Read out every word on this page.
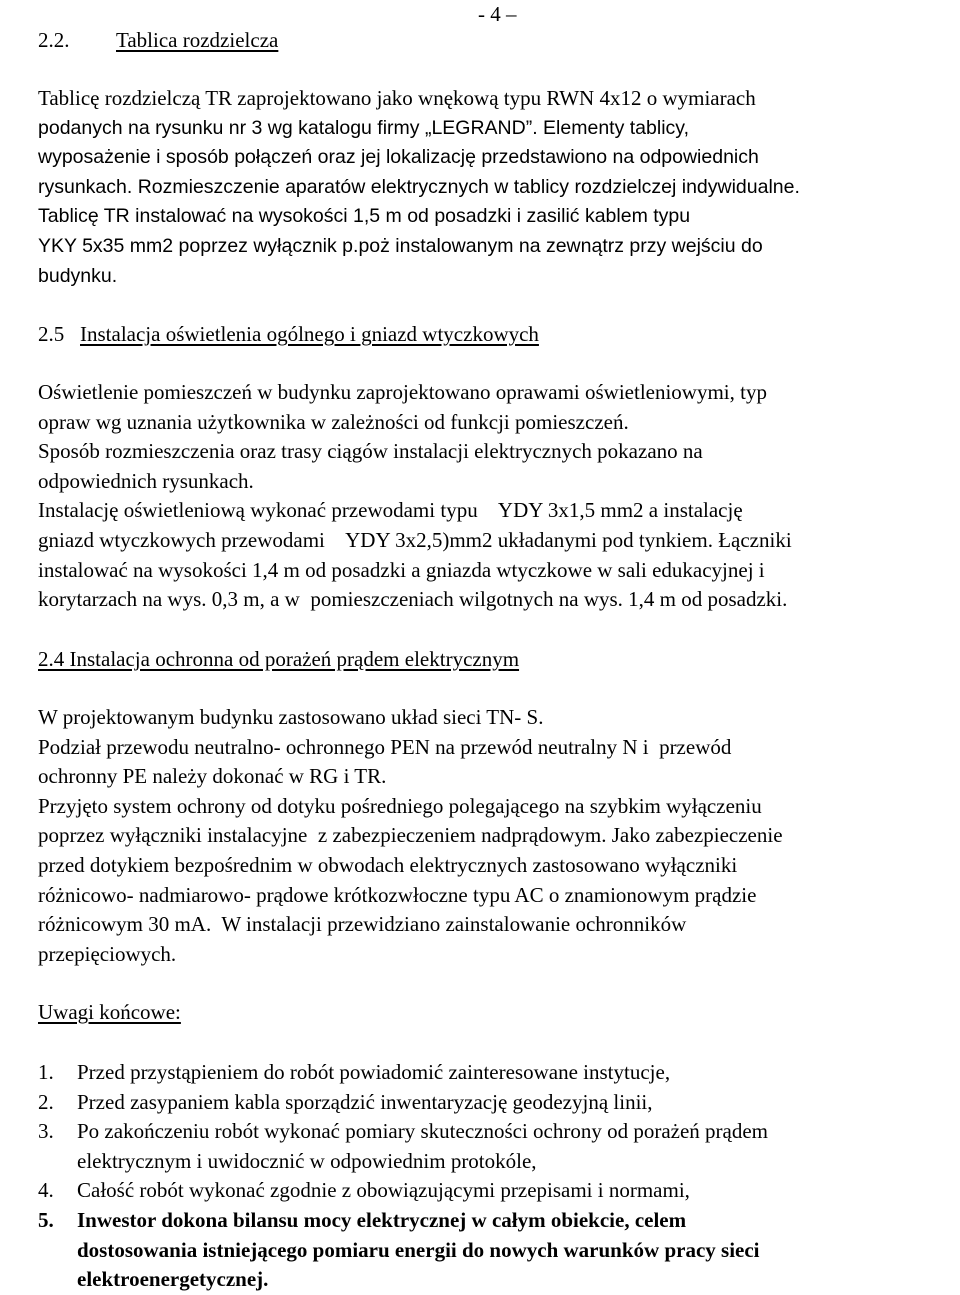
- 4 –
2.2. Tablica rozdzielcza
Tablicę rozdzielczą TR zaprojektowano jako wnękową typu RWN 4x12 o wymiarach
podanych na rysunku nr 3 wg katalogu firmy „LEGRAND”. Elementy tablicy,
wyposażenie i sposób połączeń oraz jej lokalizację przedstawiono na odpowiednich
rysunkach. Rozmieszczenie aparatów elektrycznych w tablicy rozdzielczej indywidualne.
Tablicę TR instalować na wysokości 1,5 m od posadzki i zasilić kablem typu
YKY 5x35 mm2 poprzez wyłącznik p.poż instalowanym na zewnątrz przy wejściu do
budynku.
2.5 Instalacja oświetlenia ogólnego i gniazd wtyczkowych
Oświetlenie pomieszczeń w budynku zaprojektowano oprawami oświetleniowymi, typ
opraw wg uznania użytkownika w zależności od funkcji pomieszczeń.
Sposób rozmieszczenia oraz trasy ciągów instalacji elektrycznych pokazano na
odpowiednich rysunkach.
Instalację oświetleniową wykonać przewodami typu    YDY 3x1,5 mm2 a instalację
gniazd wtyczkowych przewodami    YDY 3x2,5)mm2 układanymi pod tynkiem. Łączniki
instalować na wysokości 1,4 m od posadzki a gniazda wtyczkowe w sali edukacyjnej i
korytarzach na wys. 0,3 m, a w  pomieszczeniach wilgotnych na wys. 1,4 m od posadzki.
2.4 Instalacja ochronna od porażeń prądem elektrycznym
W projektowanym budynku zastosowano układ sieci TN- S.
Podział przewodu neutralno- ochronnego PEN na przewód neutralny N i  przewód
ochronny PE należy dokonać w RG i TR.
Przyjęto system ochrony od dotyku pośredniego polegającego na szybkim wyłączeniu
poprzez wyłączniki instalacyjne  z zabezpieczeniem nadprądowym. Jako zabezpieczenie
przed dotykiem bezpośrednim w obwodach elektrycznych zastosowano wyłączniki
różnicowo- nadmiarowo- prądowe krótkozwłoczne typu AC o znamionowym prądzie
różnicowym 30 mA.  W instalacji przewidziano zainstalowanie ochronników
przepięciowych.
Uwagi końcowe:
1.	Przed przystąpieniem do robót powiadomić zainteresowane instytucje,
2.	Przed zasypaniem kabla sporządzić inwentaryzację geodezyjną linii,
3.	Po zakończeniu robót wykonać pomiary skuteczności ochrony od porażeń prądem
elektrycznym i uwidocznić w odpowiednim protokóle,
4.	Całość robót wykonać zgodnie z obowiązującymi przepisami i normami,
5.	Inwestor dokona bilansu mocy elektrycznej w całym obiekcie, celem
dostosowania istniejącego pomiaru energii do nowych warunków pracy sieci
elektroenergetycznej.
